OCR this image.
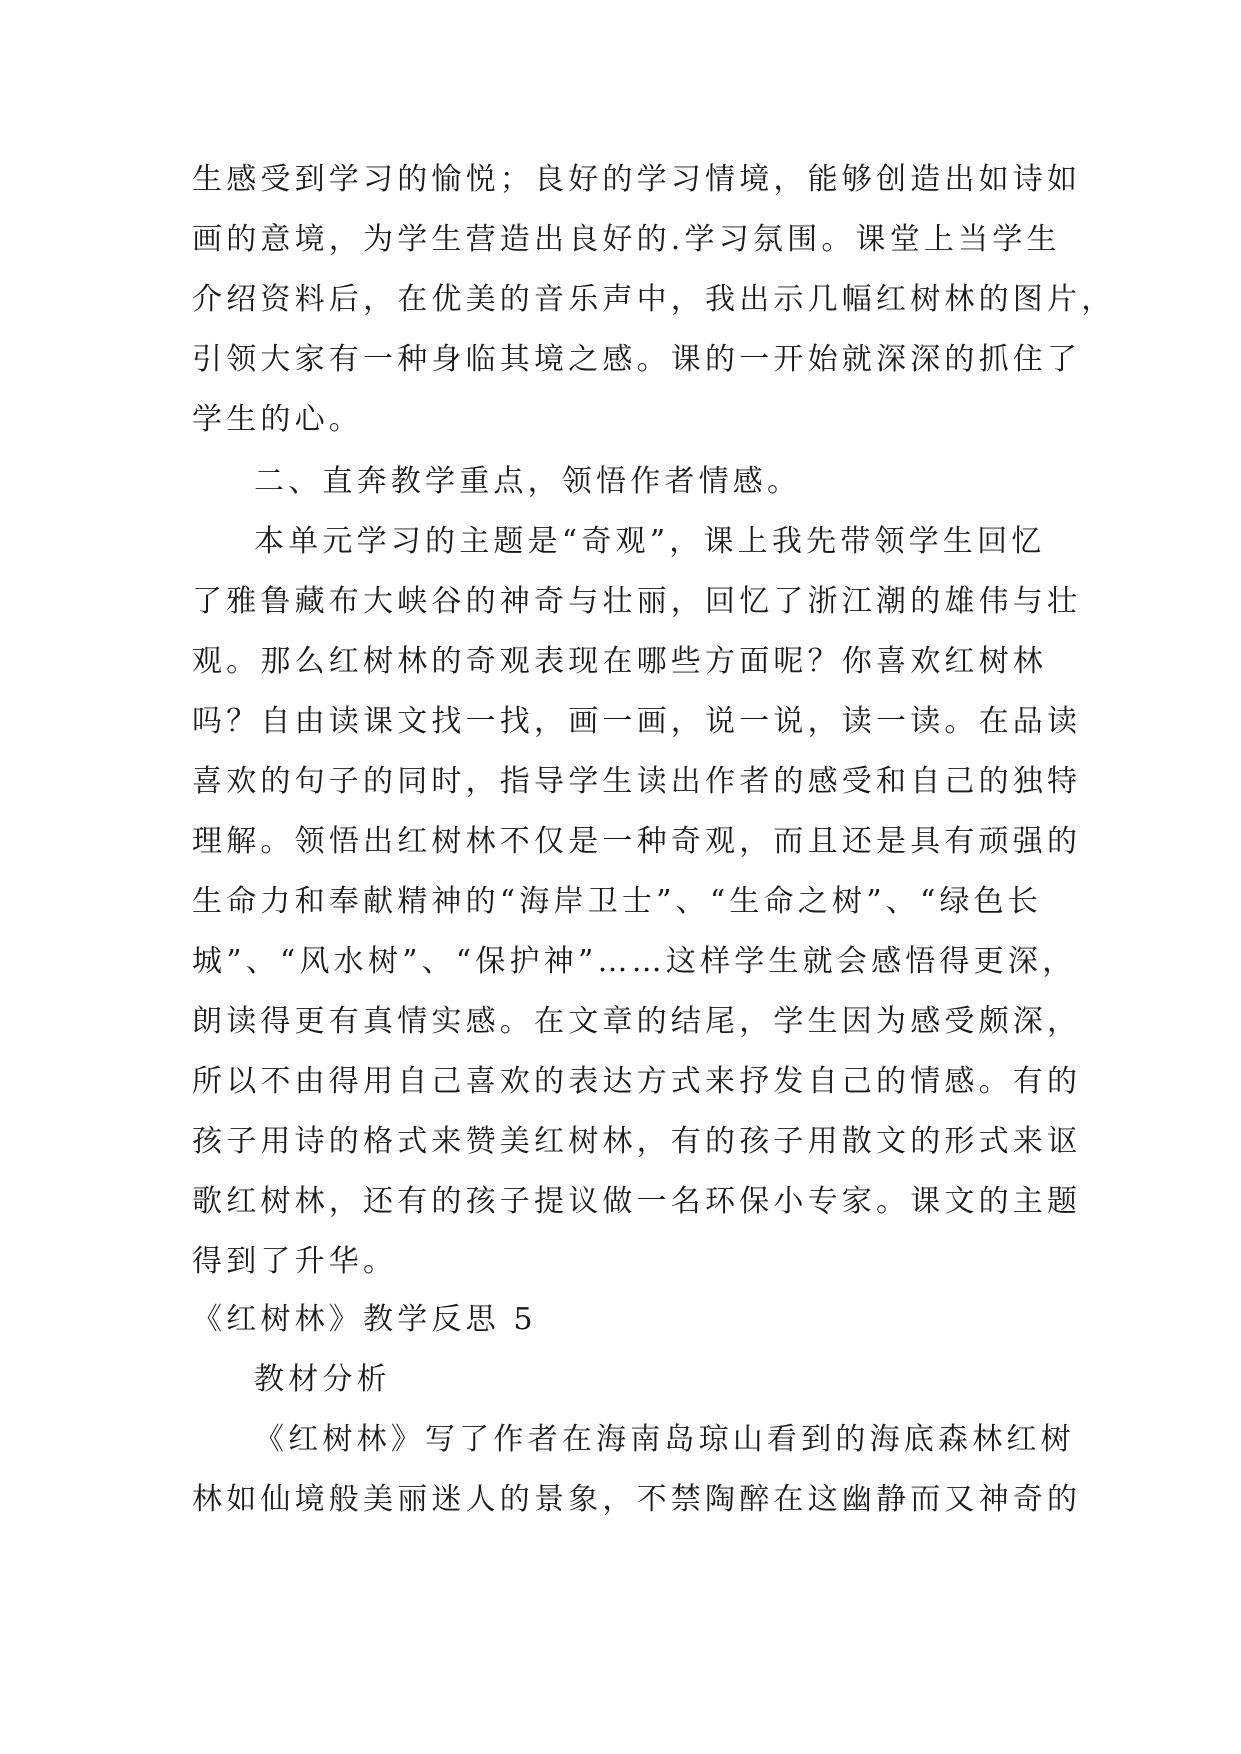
生感受到学习的愉悦；良好的学习情境，能够创造出如诗如
画的意境，为学生营造出良好的.学习氛围。课堂上当学生
介绍资料后，在优美的音乐声中，我出示几幅红树林的图片，
引领大家有一种身临其境之感。课的一开始就深深的抓住了
学生的心。
二、直奔教学重点，领悟作者情感。
本单元学习的主题是“奇观”，课上我先带领学生回忆
了雅鲁藏布大峡谷的神奇与壮丽，回忆了浙江潮的雄伟与壮
观。那么红树林的奇观表现在哪些方面呢？你喜欢红树林
吗？自由读课文找一找，画一画，说一说，读一读。在品读
喜欢的句子的同时，指导学生读出作者的感受和自己的独特
理解。领悟出红树林不仅是一种奇观，而且还是具有顽强的
生命力和奉献精神的“海岸卫士”、“生命之树”、“绿色长
城”、“风水树”、“保护神”……这样学生就会感悟得更深，
朗读得更有真情实感。在文章的结尾，学生因为感受颇深，
所以不由得用自己喜欢的表达方式来抒发自己的情感。有的
孩子用诗的格式来赞美红树林，有的孩子用散文的形式来讴
歌红树林，还有的孩子提议做一名环保小专家。课文的主题
得到了升华。
《红树林》教学反思 5
教材分析
《红树林》写了作者在海南岛琼山看到的海底森林红树
林如仙境般美丽迷人的景象，不禁陶醉在这幽静而又神奇的
